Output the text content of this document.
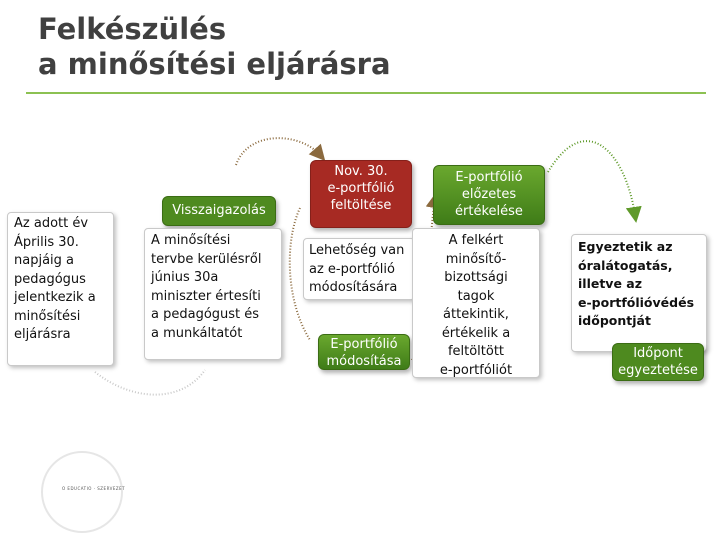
Felkészülés
a minősítési eljárásra
O EDUCATIO · SZERVEZET
Az adott év
Április 30.
napjáig a
pedagógus
jelentkezik a
minősítési
eljárásra
Visszaigazolás
A minősítési
tervbe kerülésről
június 30a
miniszter értesíti
a pedagógust és
a munkáltatót
Nov. 30.
e-portfólió
feltöltése
Lehetőség van
az e-portfólió
módosítására
E-portfólió
módosítása
E-portfólió
előzetes
értékelése
A felkért
minősítő-
bizottsági
tagok
áttekintik,
értékelik a
feltöltött
e-portfóliót
Egyeztetik az
óralátogatás,
illetve az
e-portfólióvédés
időpontját
Időpont
egyeztetése
